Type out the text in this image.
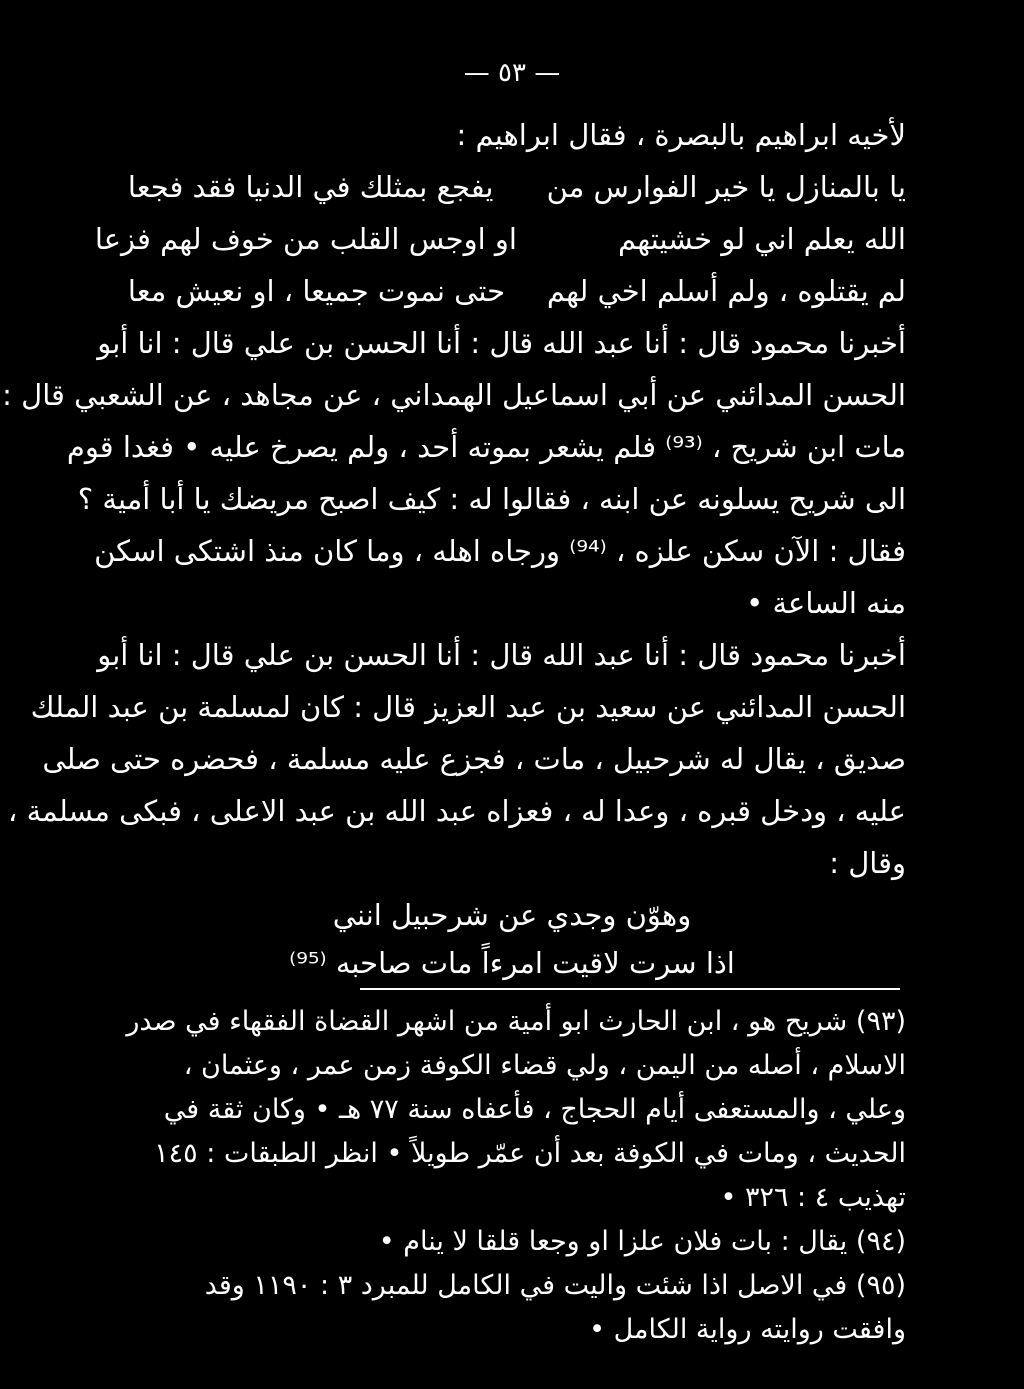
— ٥٣ —
لأخيه ابراهيم بالبصرة ، فقال ابراهيم :
يا بالمنازل يا خير الفوارس منيفجع بمثلك في الدنيا فقد فجعا
الله يعلم اني لو خشيتهماو اوجس القلب من خوف لهم فزعا
لم يقتلوه ، ولم أسلم اخي لهمحتى نموت جميعا ، او نعيش معا
أخبرنا محمود قال : أنا عبد الله قال : أنا الحسن بن علي قال : انا أبو
الحسن المدائني عن أبي اسماعيل الهمداني ، عن مجاهد ، عن الشعبي قال :
مات ابن شريح ، ⁽⁹³⁾ فلم يشعر بموته أحد ، ولم يصرخ عليه • فغدا قوم
الى شريح يسلونه عن ابنه ، فقالوا له : كيف اصبح مريضك يا أبا أمية ؟
فقال : الآن سكن علزه ، ⁽⁹⁴⁾ ورجاه اهله ، وما كان منذ اشتكى اسكن
منه الساعة •
أخبرنا محمود قال : أنا عبد الله قال : أنا الحسن بن علي قال : انا أبو
الحسن المدائني عن سعيد بن عبد العزيز قال : كان لمسلمة بن عبد الملك
صديق ، يقال له شرحبيل ، مات ، فجزع عليه مسلمة ، فحضره حتى صلى
عليه ، ودخل قبره ، وعدا له ، فعزاه عبد الله بن عبد الاعلى ، فبكى مسلمة ،
وقال :
وهوّن وجدي عن شرحبيل انني
اذا سرت لاقيت امرءاً مات صاحبه ⁽⁹⁵⁾
(٩٣) شريح هو ، ابن الحارث ابو أمية من اشهر القضاة الفقهاء في صدر
الاسلام ، أصله من اليمن ، ولي قضاء الكوفة زمن عمر ، وعثمان ،
وعلي ، والمستعفى أيام الحجاج ، فأعفاه سنة ٧٧ هـ • وكان ثقة في
الحديث ، ومات في الكوفة بعد أن عمّر طويلاً • انظر الطبقات : ١٤٥
تهذيب ٤ : ٣٢٦ •
(٩٤) يقال : بات فلان علزا او وجعا قلقا لا ينام •
(٩٥) في الاصل اذا شئت واليت في الكامل للمبرد ٣ : ١١٩٠ وقد
وافقت روايته رواية الكامل •
